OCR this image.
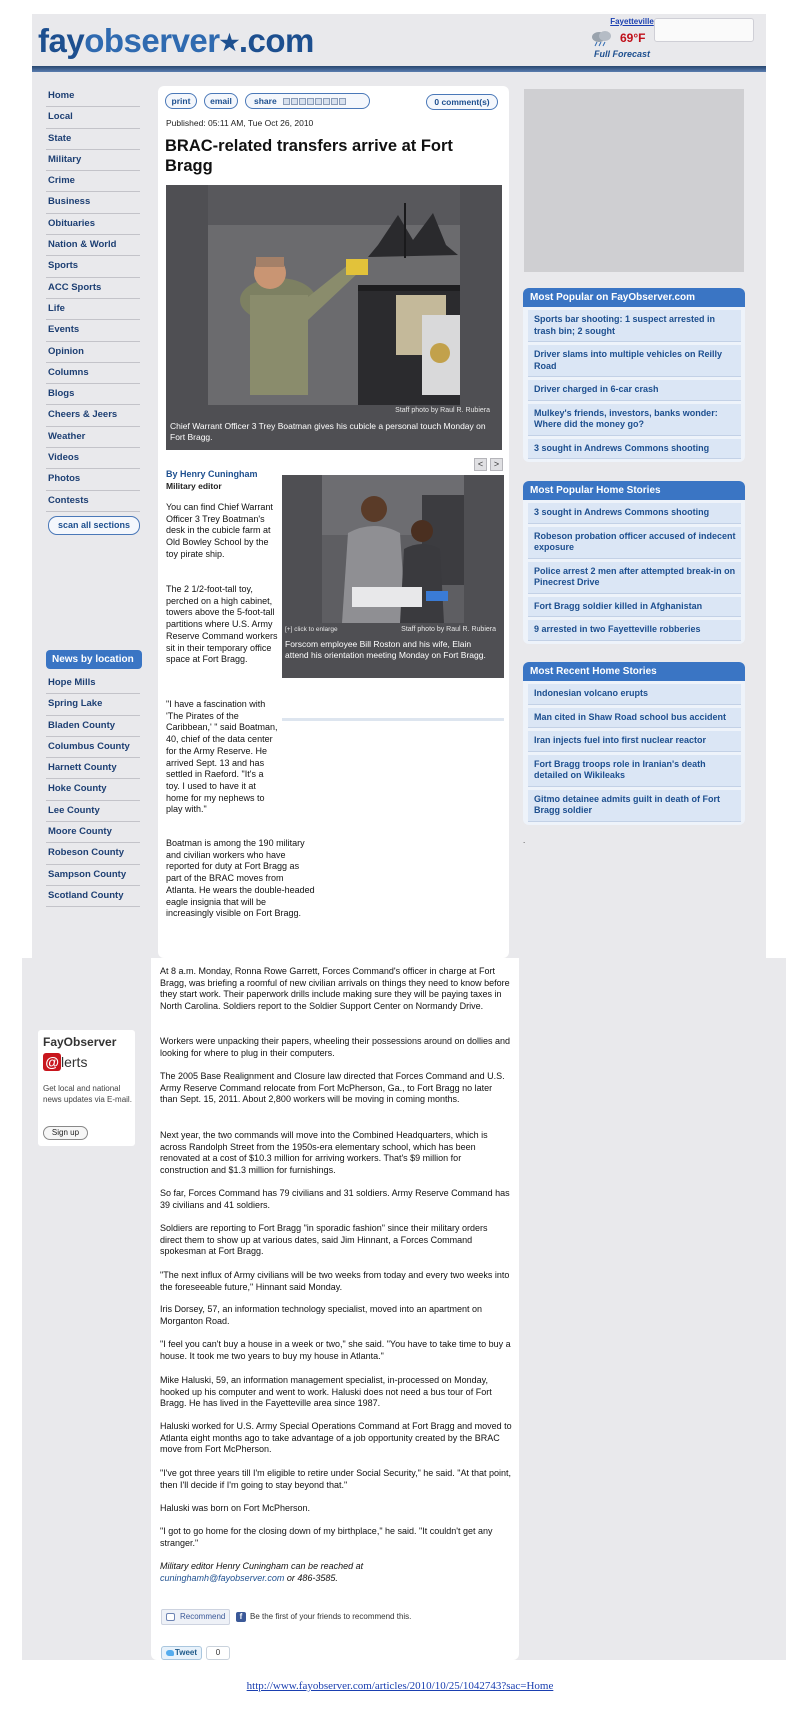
fayobserver★.com
Fayetteville
69°F
Full Forecast
Home
Local
State
Military
Crime
Business
Obituaries
Nation & World
Sports
ACC Sports
Life
Events
Opinion
Columns
Blogs
Cheers & Jeers
Weather
Videos
Photos
Contests
scan all sections
News by location
Hope Mills
Spring Lake
Bladen County
Columbus County
Harnett County
Hoke County
Lee County
Moore County
Robeson County
Sampson County
Scotland County
print	email	share	0 comment(s)
Published: 05:11 AM, Tue Oct 26, 2010
BRAC-related transfers arrive at Fort Bragg
Staff photo by Raul R. Rubiera
Chief Warrant Officer 3 Trey Boatman gives his cubicle a personal touch Monday on Fort Bragg.
<	>
By Henry Cuningham
Military editor
[+] click to enlarge	Staff photo by Raul R. Rubiera
Forscom employee Bill Roston and his wife, Elain attend his orientation meeting Monday on Fort Bragg.

You can find Chief Warrant Officer 3 Trey Boatman's desk in the cubicle farm at Old Bowley School by the toy pirate ship.

The 2 1/2-foot-tall toy, perched on a high cabinet, towers above the 5-foot-tall partitions where U.S. Army Reserve Command workers sit in their temporary office space at Fort Bragg.

"I have a fascination with 'The Pirates of the Caribbean,' " said Boatman, 40, chief of the data center for the Army Reserve. He arrived Sept. 13 and has settled in Raeford. "It's a toy. I used to have it at home for my nephews to play with."

Boatman is among the 190 military and civilian workers who have reported for duty at Fort Bragg as part of the BRAC moves from Atlanta. He wears the double-headed eagle insignia that will be increasingly visible on Fort Bragg.

At 8 a.m. Monday, Ronna Rowe Garrett, Forces Command's officer in charge at Fort Bragg, was briefing a roomful of new civilian arrivals on things they need to know before they start work. Their paperwork drills include making sure they will be paying taxes in North Carolina. Soldiers report to the Soldier Support Center on Normandy Drive.

Workers were unpacking their papers, wheeling their possessions around on dollies and looking for where to plug in their computers.

The 2005 Base Realignment and Closure law directed that Forces Command and U.S. Army Reserve Command relocate from Fort McPherson, Ga., to Fort Bragg no later than Sept. 15, 2011. About 2,800 workers will be moving in coming months.

Next year, the two commands will move into the Combined Headquarters, which is across Randolph Street from the 1950s-era elementary school, which has been renovated at a cost of $10.3 million for arriving workers. That's $9 million for construction and $1.3 million for furnishings.

So far, Forces Command has 79 civilians and 31 soldiers. Army Reserve Command has 39 civilians and 41 soldiers.

Soldiers are reporting to Fort Bragg "in sporadic fashion" since their military orders direct them to show up at various dates, said Jim Hinnant, a Forces Command spokesman at Fort Bragg.

"The next influx of Army civilians will be two weeks from today and every two weeks into the foreseeable future," Hinnant said Monday.

Iris Dorsey, 57, an information technology specialist, moved into an apartment on Morganton Road.

"I feel you can't buy a house in a week or two," she said. "You have to take time to buy a house. It took me two years to buy my house in Atlanta."

Mike Haluski, 59, an information management specialist, in-processed on Monday, hooked up his computer and went to work. Haluski does not need a bus tour of Fort Bragg. He has lived in the Fayetteville area since 1987.

Haluski worked for U.S. Army Special Operations Command at Fort Bragg and moved to Atlanta eight months ago to take advantage of a job opportunity created by the BRAC move from Fort McPherson.

"I've got three years till I'm eligible to retire under Social Security," he said. "At that point, then I'll decide if I'm going to stay beyond that."

Haluski was born on Fort McPherson.

"I got to go home for the closing down of my birthplace," he said. "It couldn't get any stranger."

Military editor Henry Cuningham can be reached at
cuninghamh@fayobserver.com or 486-3585.

Recommend	f Be the first of your friends to recommend this.
Tweet	0
Most Popular on FayObserver.com
Sports bar shooting: 1 suspect arrested in trash bin; 2 sought
Driver slams into multiple vehicles on Reilly Road
Driver charged in 6-car crash
Mulkey's friends, investors, banks wonder: Where did the money go?
3 sought in Andrews Commons shooting
Most Popular Home Stories
3 sought in Andrews Commons shooting
Robeson probation officer accused of indecent exposure
Police arrest 2 men after attempted break-in on Pinecrest Drive
Fort Bragg soldier killed in Afghanistan
9 arrested in two Fayetteville robberies
Most Recent Home Stories
Indonesian volcano erupts
Man cited in Shaw Road school bus accident
Iran injects fuel into first nuclear reactor
Fort Bragg troops role in Iranian's death detailed on Wikileaks
Gitmo detainee admits guilt in death of Fort Bragg soldier
.
FayObserver
@ lerts
Get local and national news updates via E-mail.
Sign up
http://www.fayobserver.com/articles/2010/10/25/1042743?sac=Home
